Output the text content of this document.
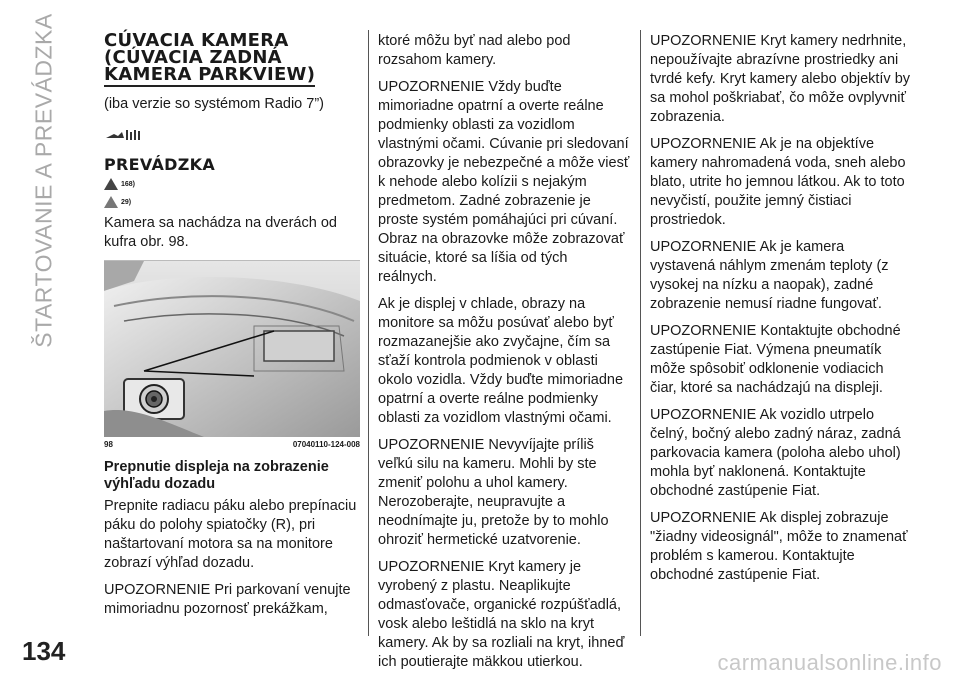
ŠTARTOVANIE A PREVÁDZKA	CÚVACIA KAMERA
(CÚVACIA ZADNÁ
KAMERA PARKVIEW)

(iba verzie so systémom Radio 7”)

PREVÁDZKA
168)
29)

Kamera sa nachádza na dverách od kufra obr. 98.

98	07040110-124-008
Prepnutie displeja na zobrazenie výhľadu dozadu

Prepnite radiacu páku alebo prepínaciu páku do polohy spiatočky (R), pri naštartovaní motora sa na monitore zobrazí výhľad dozadu.

UPOZORNENIE Pri parkovaní venujte mimoriadnu pozornosť prekážkam,

ktoré môžu byť nad alebo pod rozsahom kamery.

UPOZORNENIE Vždy buďte mimoriadne opatrní a overte reálne podmienky oblasti za vozidlom vlastnými očami. Cúvanie pri sledovaní obrazovky je nebezpečné a môže viesť k nehode alebo kolízii s nejakým predmetom. Zadné zobrazenie je proste systém pomáhajúci pri cúvaní. Obraz na obrazovke môže zobrazovať situácie, ktoré sa líšia od tých reálnych.

Ak je displej v chlade, obrazy na monitore sa môžu posúvať alebo byť rozmazanejšie ako zvyčajne, čím sa sťaží kontrola podmienok v oblasti okolo vozidla. Vždy buďte mimoriadne opatrní a overte reálne podmienky oblasti za vozidlom vlastnými očami.

UPOZORNENIE Nevyvíjajte príliš veľkú silu na kameru. Mohli by ste zmeniť polohu a uhol kamery. Nerozoberajte, neupravujte a neodnímajte ju, pretože by to mohlo ohroziť hermetické uzatvorenie.

UPOZORNENIE Kryt kamery je vyrobený z plastu. Neaplikujte odmasťovače, organické rozpúšťadlá, vosk alebo leštidlá na sklo na kryt kamery. Ak by sa rozliali na kryt, ihneď ich poutierajte mäkkou utierkou.

UPOZORNENIE Kryt kamery nedrhnite, nepoužívajte abrazívne prostriedky ani tvrdé kefy. Kryt kamery alebo objektív by sa mohol poškriabať, čo môže ovplyvniť zobrazenia.

UPOZORNENIE Ak je na objektíve kamery nahromadená voda, sneh alebo blato, utrite ho jemnou látkou. Ak to toto nevyčistí, použite jemný čistiaci prostriedok.

UPOZORNENIE Ak je kamera vystavená náhlym zmenám teploty (z vysokej na nízku a naopak), zadné zobrazenie nemusí riadne fungovať.

UPOZORNENIE Kontaktujte obchodné zastúpenie Fiat. Výmena pneumatík môže spôsobiť odklonenie vodiacich čiar, ktoré sa nachádzajú na displeji.

UPOZORNENIE Ak vozidlo utrpelo čelný, bočný alebo zadný náraz, zadná parkovacia kamera (poloha alebo uhol) mohla byť naklonená. Kontaktujte obchodné zastúpenie Fiat.

UPOZORNENIE Ak displej zobrazuje "žiadny videosignál", môže to znamenať problém s kamerou. Kontaktujte obchodné zastúpenie Fiat.

134	carmanualsonline.info
